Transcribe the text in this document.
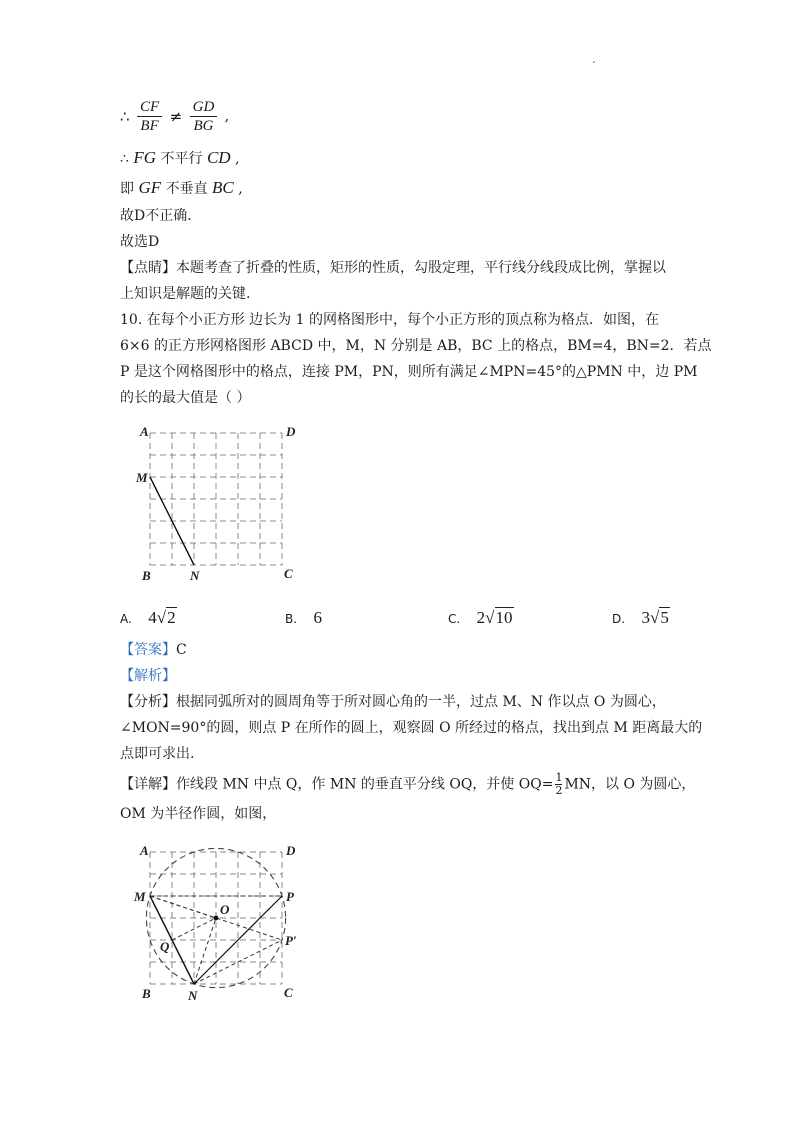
.
∴ $\frac{CF}{BF} \ne \frac{GD}{BG}$ ,
∴ FG 不平行 CD ,
即 GF 不垂直 BC ,
故D不正确．
故选D
【点睛】本题考查了折叠的性质，矩形的性质，勾股定理，平行线分线段成比例，掌握以
上知识是解题的关键.
10. 在每个小正方形 边长为 1 的网格图形中，每个小正方形的顶点称为格点．如图，在
6×6 的正方形网格图形 ABCD 中，M，N 分别是 AB，BC 上的格点，BM=4，BN=2．若点
P 是这个网格图形中的格点，连接 PM，PN，则所有满足∠MPN=45°的△PMN 中，边 PM
的长的最大值是（ ）
A	D
M
B	N	C
A. 4√2	B. 6	C. 2√10	D. 3√5
【答案】C
【解析】
【分析】根据同弧所对的圆周角等于所对圆心角的一半，过点 M、N 作以点 O 为圆心，
∠MON=90°的圆，则点 P 在所作的圆上，观察圆 O 所经过的格点，找出到点 M 距离最大的
点即可求出.
【详解】作线段 MN 中点 Q，作 MN 的垂直平分线 OQ，并使 $OQ= \frac{1}{2}$ MN，以 O 为圆心，
OM 为半径作圆，如图，
A	D
M	P
O
Q	P′
B	N	C
